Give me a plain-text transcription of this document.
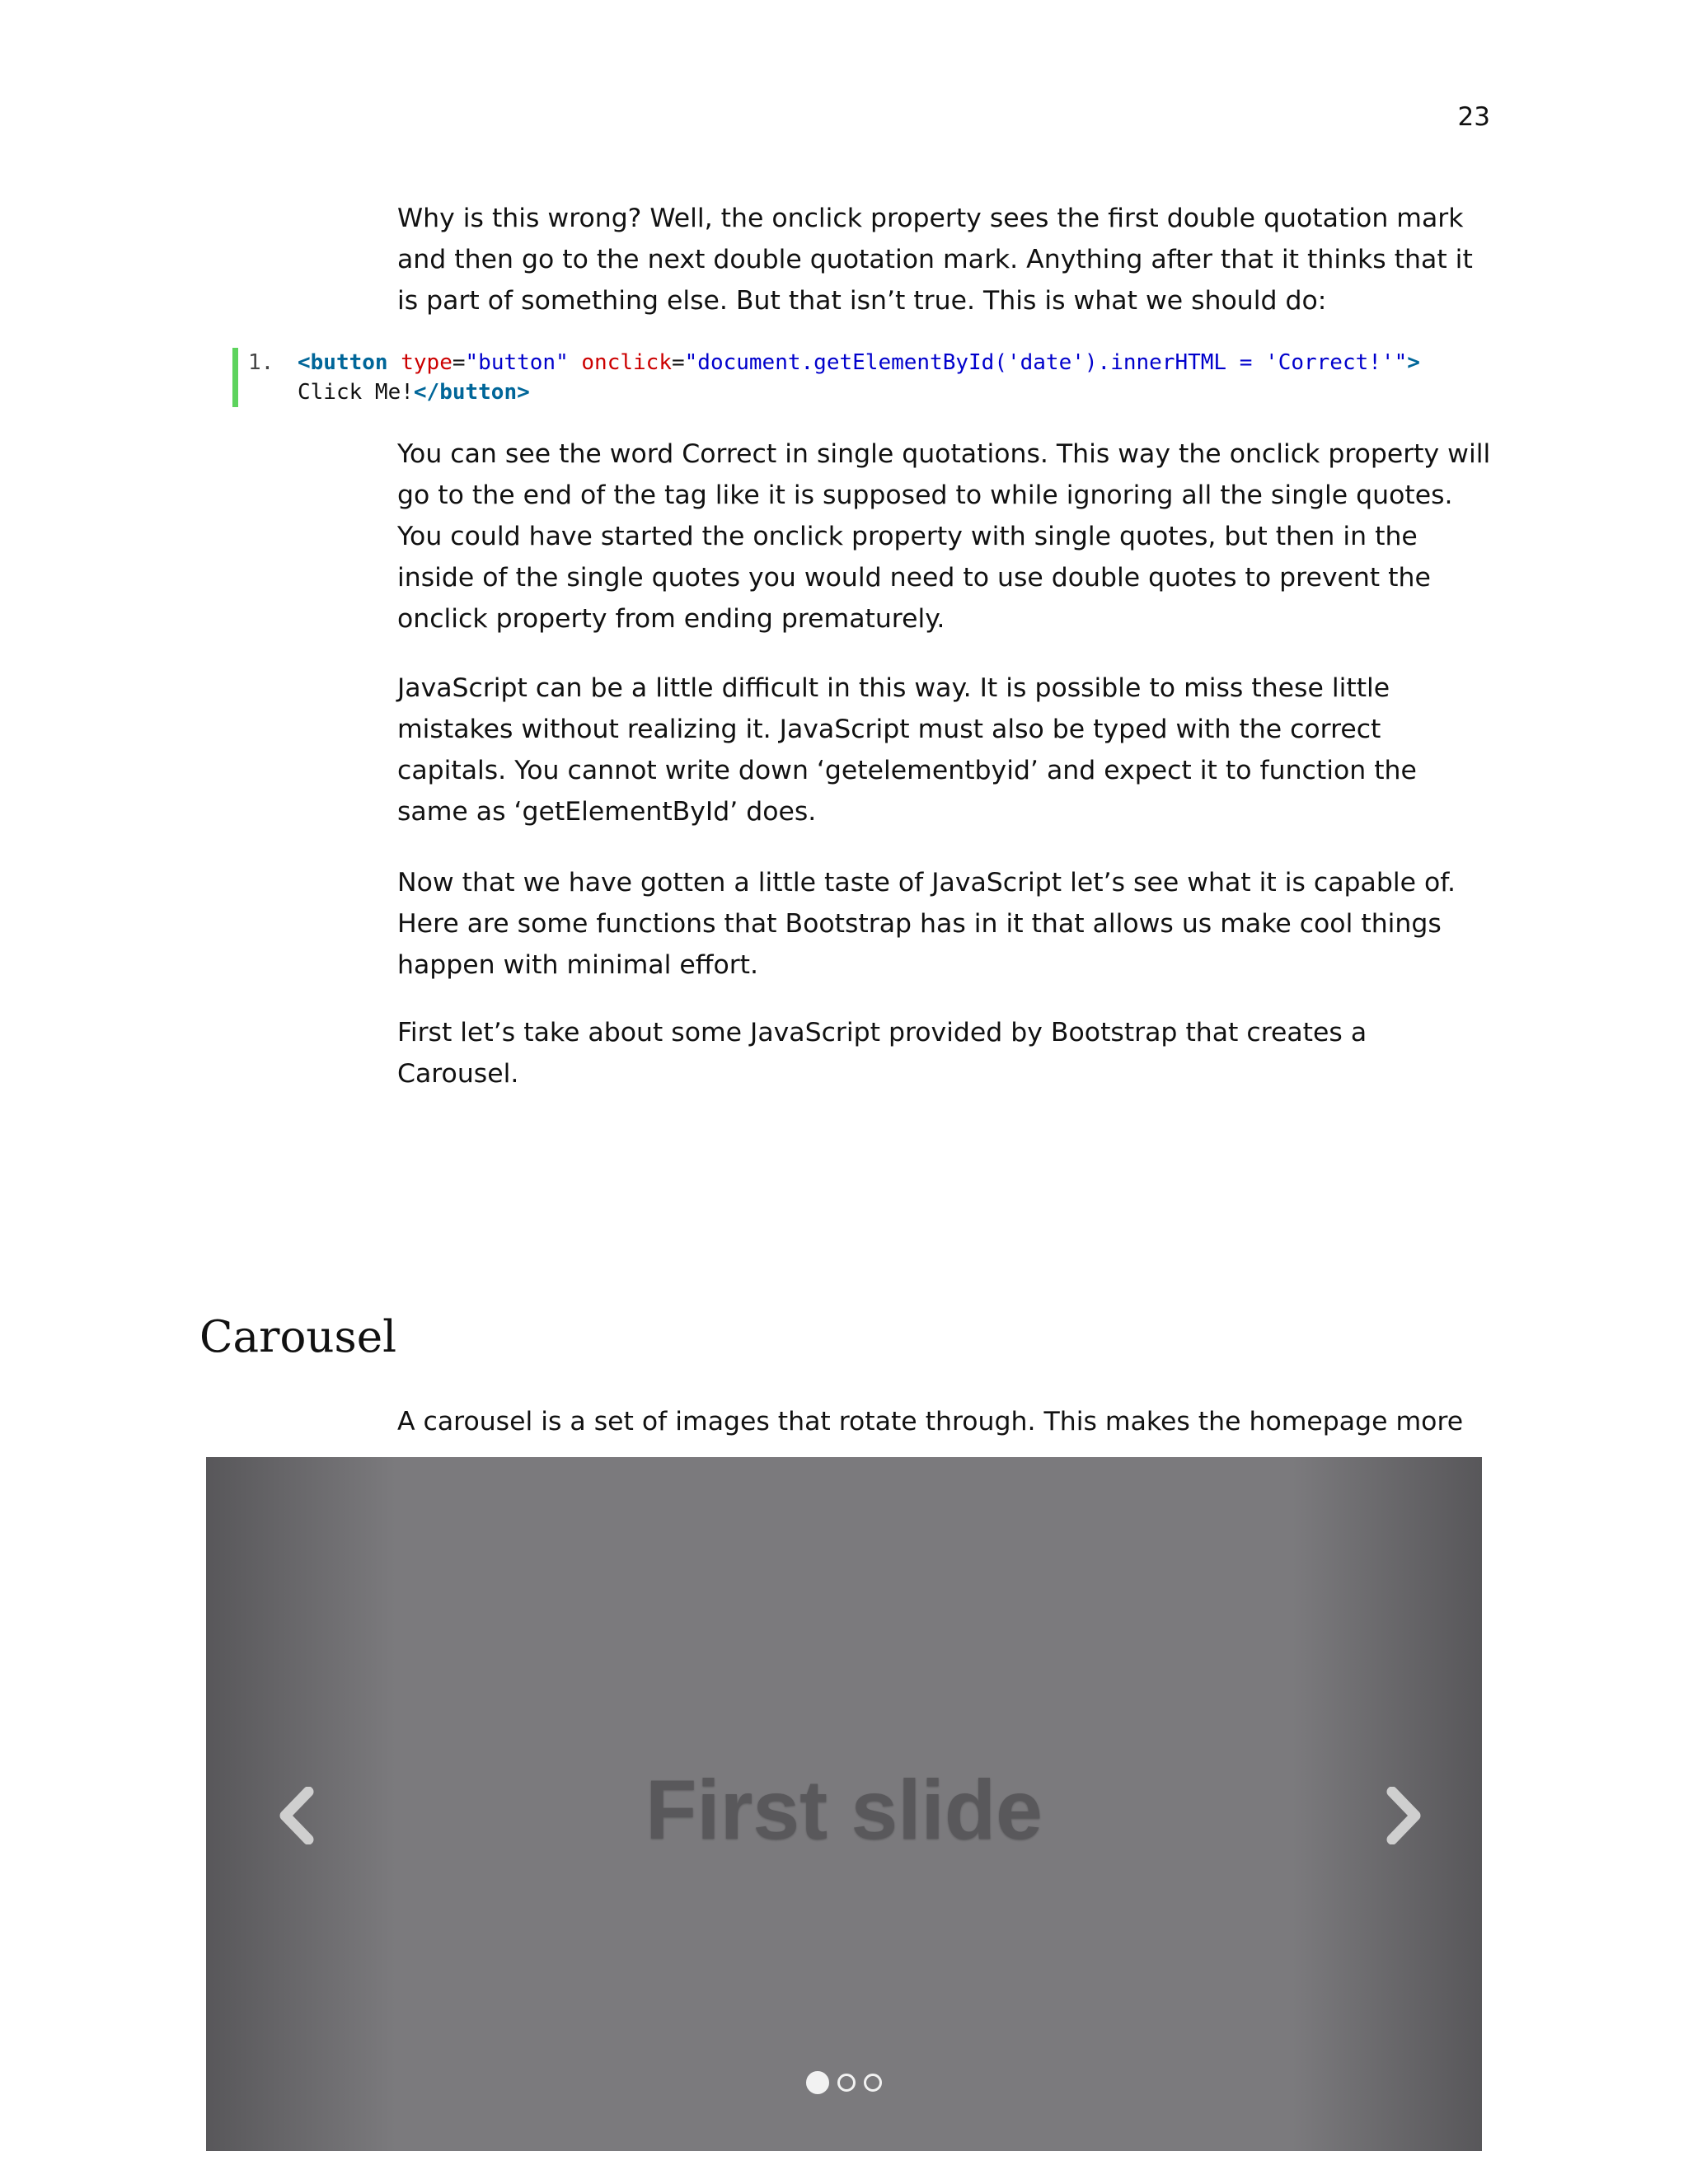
23

Why is this wrong? Well, the onclick property sees the first double quotation mark and then go to the next double quotation mark. Anything after that it thinks that it is part of something else. But that isn’t true. This is what we should do:

1. <button type="button" onclick="document.getElementById('date').innerHTML = 'Correct!'">
Click Me!</button>

You can see the word Correct in single quotations. This way the onclick property will go to the end of the tag like it is supposed to while ignoring all the single quotes. You could have started the onclick property with single quotes, but then in the inside of the single quotes you would need to use double quotes to prevent the onclick property from ending prematurely.

JavaScript can be a little difficult in this way. It is possible to miss these little mistakes without realizing it. JavaScript must also be typed with the correct capitals. You cannot write down ‘getelementbyid’ and expect it to function the same as ‘getElementById’ does.

Now that we have gotten a little taste of JavaScript let’s see what it is capable of. Here are some functions that Bootstrap has in it that allows us make cool things happen with minimal effort.

First let’s take about some JavaScript provided by Bootstrap that creates a Carousel.

Carousel

A carousel is a set of images that rotate through. This makes the homepage more

First slide
